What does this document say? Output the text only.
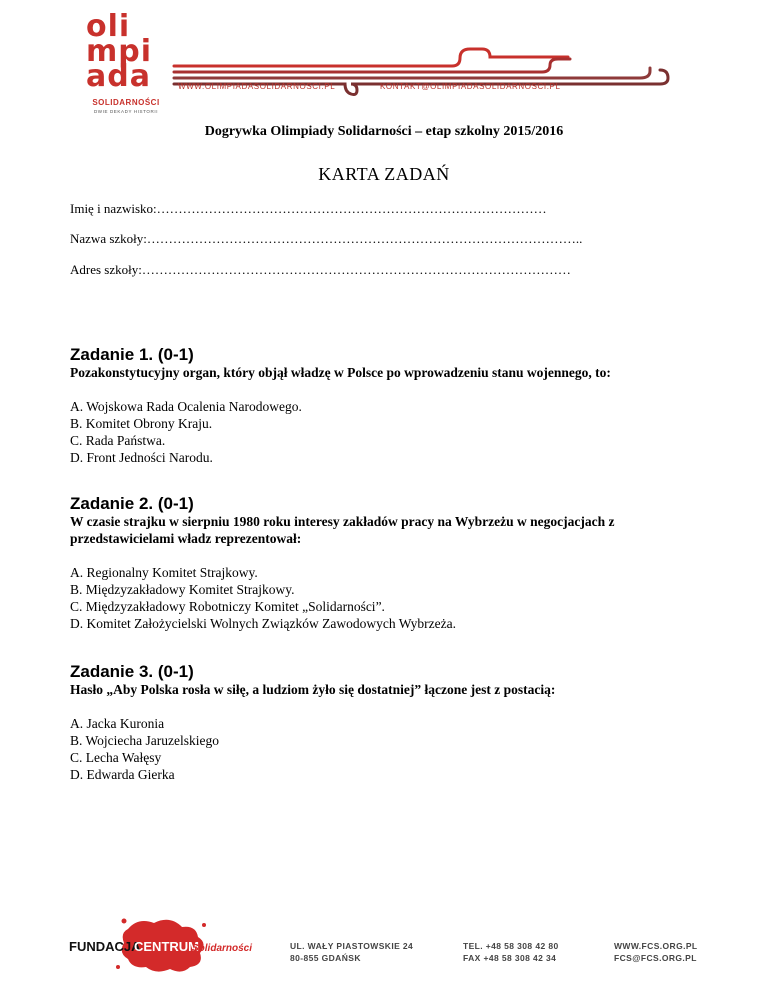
oli
mpi
ada
SOLIDARNOŚCI
DWIE DEKADY HISTORII
WWW.OLIMPIADASOLIDARNOSCI.PL	KONTAKT@OLIMPIADASOLIDARNOSCI.PL
Dogrywka Olimpiady Solidarności – etap szkolny 2015/2016
KARTA ZADAŃ
Imię i nazwisko:………………………………………………………………………………
Nazwa szkoły:………………………………………………………………………………………..
Adres szkoły:………………………………………………………………………………………
Zadanie 1. (0-1)
Pozakonstytucyjny organ, który objął władzę w Polsce po wprowadzeniu stanu wojennego, to:
A. Wojskowa Rada Ocalenia Narodowego.
B. Komitet Obrony Kraju.
C. Rada Państwa.
D. Front Jedności Narodu.
Zadanie 2. (0-1)
W czasie strajku w sierpniu 1980 roku interesy zakładów pracy na Wybrzeżu w negocjacjach z przedstawicielami władz reprezentował:
A. Regionalny Komitet Strajkowy.
B. Międzyzakładowy Komitet Strajkowy.
C. Międzyzakładowy Robotniczy Komitet „Solidarności”.
D. Komitet Założycielski Wolnych Związków Zawodowych Wybrzeża.
Zadanie 3. (0-1)
Hasło „Aby Polska rosła w siłę, a ludziom żyło się dostatniej” łączone jest z postacią:
A. Jacka Kuronia
B. Wojciecha Jaruzelskiego
C. Lecha Wałęsy
D. Edwarda Gierka
FUNDACJA
CENTRUM
Solidarności	UL. WAŁY PIASTOWSKIE 24
80-855 GDAŃSK
TEL. +48 58 308 42 80
FAX +48 58 308 42 34
WWW.FCS.ORG.PL
FCS@FCS.ORG.PL
